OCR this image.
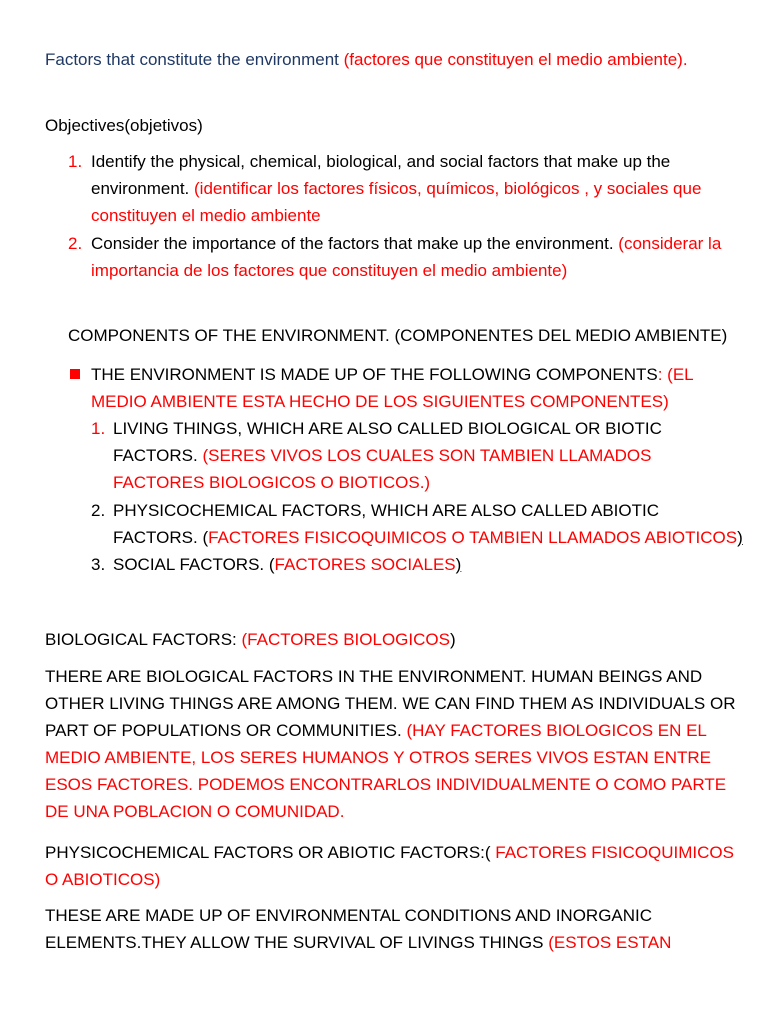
Factors that constitute the environment (factores que constituyen el medio ambiente).
Objectives(objetivos)
1. Identify the physical, chemical, biological, and social factors that make up the environment. (identificar los factores físicos, químicos, biológicos , y sociales que constituyen el medio ambiente
2. Consider the importance of the factors that make up the environment. (considerar la importancia de los factores que constituyen el medio ambiente)
COMPONENTS OF THE ENVIRONMENT. (COMPONENTES DEL MEDIO AMBIENTE)
THE ENVIRONMENT IS MADE UP OF THE FOLLOWING COMPONENTS: (EL MEDIO AMBIENTE ESTA HECHO DE LOS SIGUIENTES COMPONENTES)
1. LIVING THINGS, WHICH ARE ALSO CALLED BIOLOGICAL OR BIOTIC FACTORS. (SERES VIVOS LOS CUALES SON TAMBIEN LLAMADOS FACTORES BIOLOGICOS O BIOTICOS.)
2. PHYSICOCHEMICAL FACTORS, WHICH ARE ALSO CALLED ABIOTIC FACTORS. (FACTORES FISICOQUIMICOS O TAMBIEN LLAMADOS ABIOTICOS)
3. SOCIAL FACTORS. (FACTORES SOCIALES)
BIOLOGICAL FACTORS: (FACTORES BIOLOGICOS)
THERE ARE BIOLOGICAL FACTORS IN THE ENVIRONMENT. HUMAN BEINGS AND OTHER LIVING THINGS ARE AMONG THEM. WE CAN FIND THEM AS INDIVIDUALS OR PART OF POPULATIONS OR COMMUNITIES. (HAY FACTORES BIOLOGICOS EN EL MEDIO AMBIENTE, LOS SERES HUMANOS Y OTROS SERES VIVOS ESTAN ENTRE ESOS FACTORES. PODEMOS ENCONTRARLOS INDIVIDUALMENTE O COMO PARTE DE UNA POBLACION O COMUNIDAD.
PHYSICOCHEMICAL FACTORS OR ABIOTIC FACTORS:( FACTORES FISICOQUIMICOS O ABIOTICOS)
THESE ARE MADE UP OF ENVIRONMENTAL CONDITIONS AND INORGANIC ELEMENTS.THEY ALLOW THE SURVIVAL OF LIVINGS THINGS (ESTOS ESTAN
